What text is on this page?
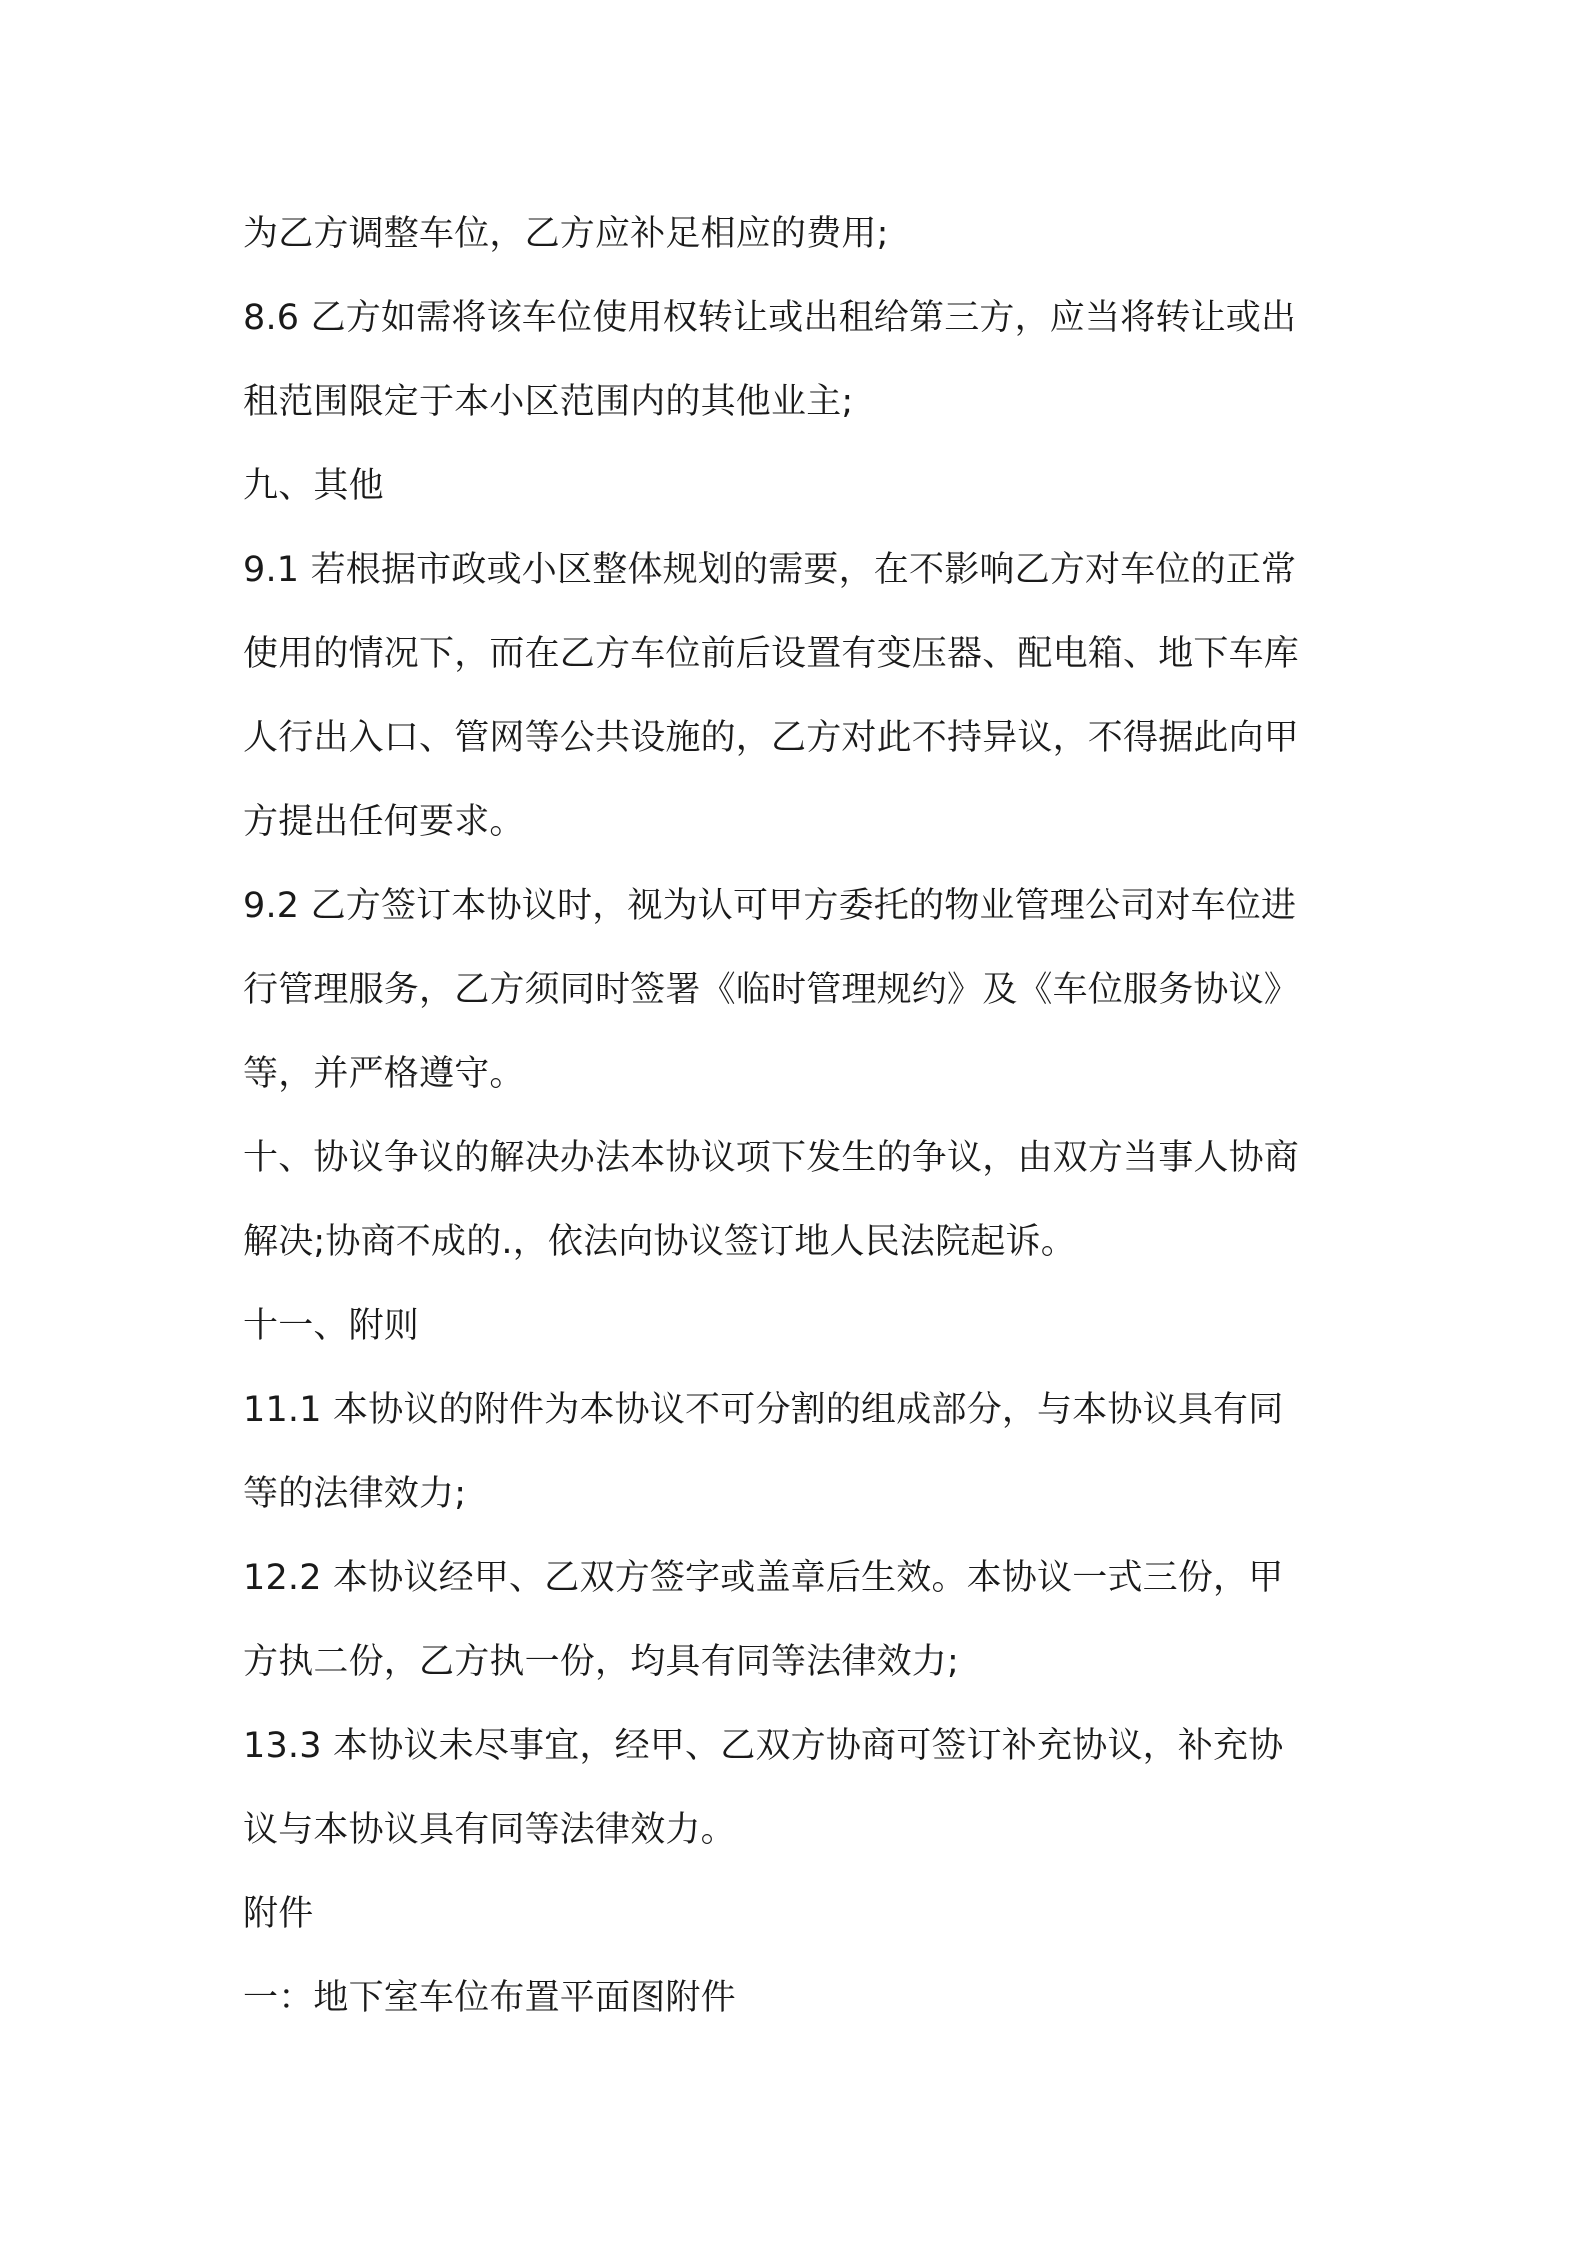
为乙方调整车位，乙方应补足相应的费用;
8.6 乙方如需将该车位使用权转让或出租给第三方，应当将转让或出
租范围限定于本小区范围内的其他业主;
九、其他
9.1 若根据市政或小区整体规划的需要，在不影响乙方对车位的正常
使用的情况下，而在乙方车位前后设置有变压器、配电箱、地下车库
人行出入口、管网等公共设施的，乙方对此不持异议，不得据此向甲
方提出任何要求。
9.2 乙方签订本协议时，视为认可甲方委托的物业管理公司对车位进
行管理服务，乙方须同时签署《临时管理规约》及《车位服务协议》
等，并严格遵守。
十、协议争议的解决办法本协议项下发生的争议，由双方当事人协商
解决;协商不成的.，依法向协议签订地人民法院起诉。
十一、附则
11.1 本协议的附件为本协议不可分割的组成部分，与本协议具有同
等的法律效力;
12.2 本协议经甲、乙双方签字或盖章后生效。本协议一式三份，甲
方执二份，乙方执一份，均具有同等法律效力;
13.3 本协议未尽事宜，经甲、乙双方协商可签订补充协议，补充协
议与本协议具有同等法律效力。
附件
一：地下室车位布置平面图附件
